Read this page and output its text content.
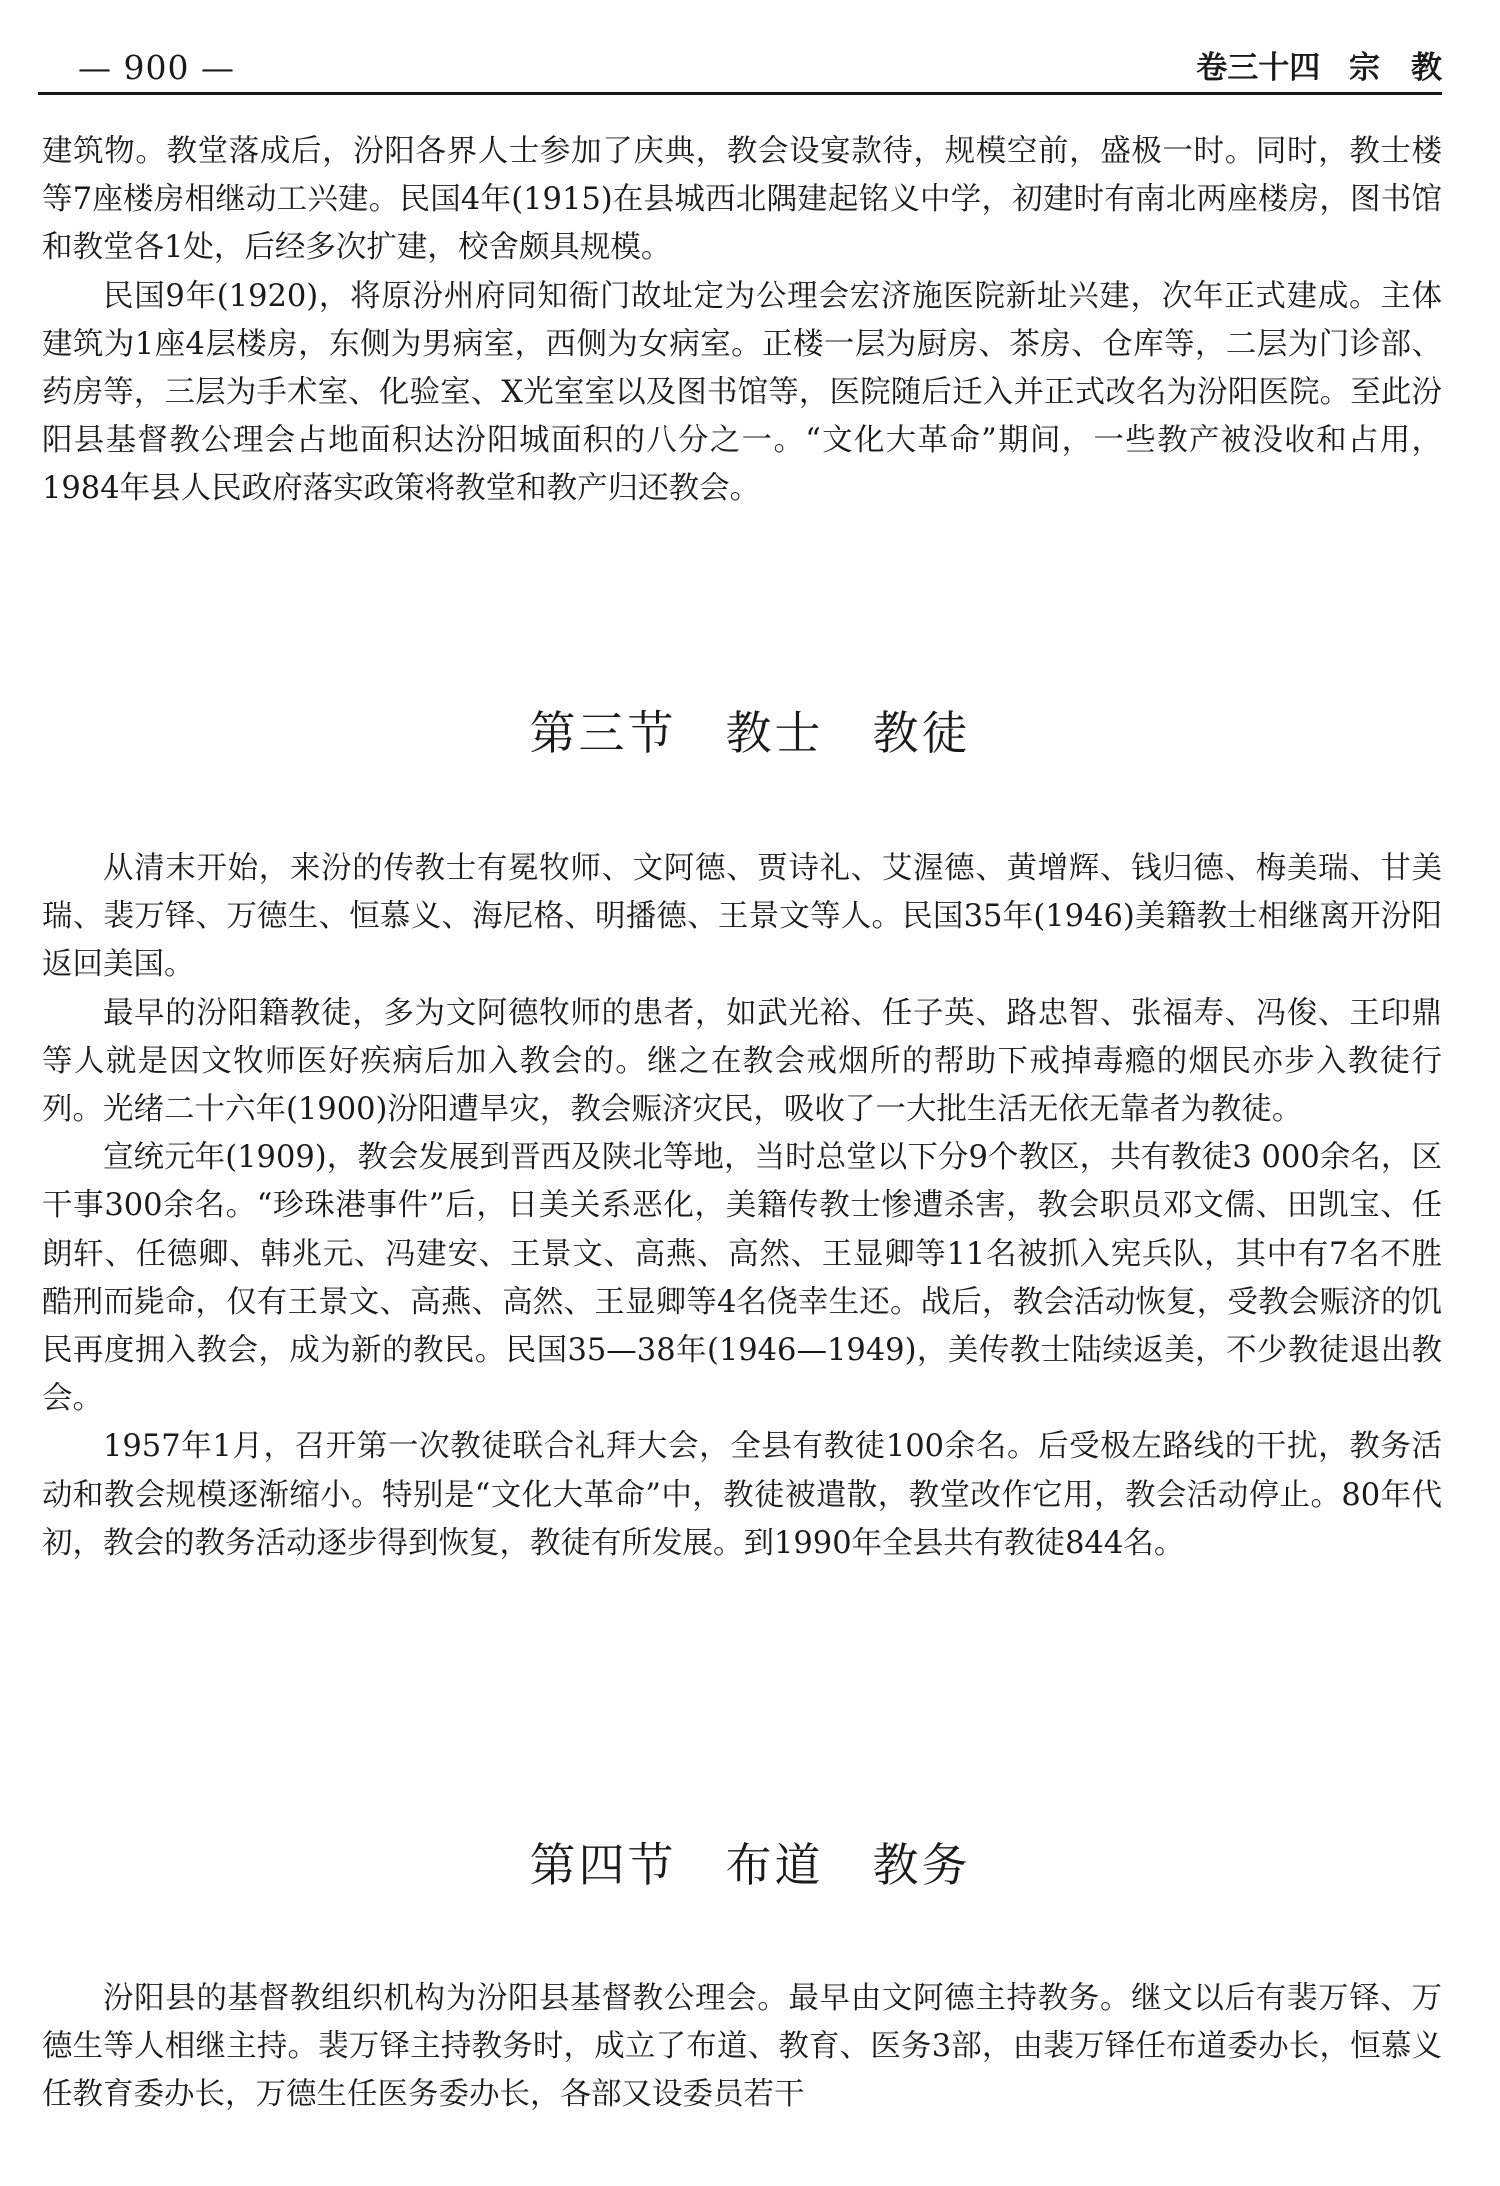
— 900 —	卷三十四 宗　教

建筑物。教堂落成后，汾阳各界人士参加了庆典，教会设宴款待，规模空前，盛极一时。同时，教士楼等7座楼房相继动工兴建。民国4年(1915)在县城西北隅建起铭义中学，初建时有南北两座楼房，图书馆和教堂各1处，后经多次扩建，校舍颇具规模。

民国9年(1920)，将原汾州府同知衙门故址定为公理会宏济施医院新址兴建，次年正式建成。主体建筑为1座4层楼房，东侧为男病室，西侧为女病室。正楼一层为厨房、茶房、仓库等，二层为门诊部、药房等，三层为手术室、化验室、X光室室以及图书馆等，医院随后迁入并正式改名为汾阳医院。至此汾阳县基督教公理会占地面积达汾阳城面积的八分之一。“文化大革命”期间，一些教产被没收和占用，1984年县人民政府落实政策将教堂和教产归还教会。

第三节　教士　教徒

从清末开始，来汾的传教士有冕牧师、文阿德、贾诗礼、艾渥德、黄增辉、钱归德、梅美瑞、甘美瑞、裴万铎、万德生、恒慕义、海尼格、明播德、王景文等人。民国35年(1946)美籍教士相继离开汾阳返回美国。

最早的汾阳籍教徒，多为文阿德牧师的患者，如武光裕、任子英、路忠智、张福寿、冯俊、王印鼎等人就是因文牧师医好疾病后加入教会的。继之在教会戒烟所的帮助下戒掉毒瘾的烟民亦步入教徒行列。光绪二十六年(1900)汾阳遭旱灾，教会赈济灾民，吸收了一大批生活无依无靠者为教徒。

宣统元年(1909)，教会发展到晋西及陕北等地，当时总堂以下分9个教区，共有教徒3 000余名，区干事300余名。“珍珠港事件”后，日美关系恶化，美籍传教士惨遭杀害，教会职员邓文儒、田凯宝、任朗轩、任德卿、韩兆元、冯建安、王景文、高燕、高然、王显卿等11名被抓入宪兵队，其中有7名不胜酷刑而毙命，仅有王景文、高燕、高然、王显卿等4名侥幸生还。战后，教会活动恢复，受教会赈济的饥民再度拥入教会，成为新的教民。民国35—38年(1946—1949)，美传教士陆续返美，不少教徒退出教会。

1957年1月，召开第一次教徒联合礼拜大会，全县有教徒100余名。后受极左路线的干扰，教务活动和教会规模逐渐缩小。特别是“文化大革命”中，教徒被遣散，教堂改作它用，教会活动停止。80年代初，教会的教务活动逐步得到恢复，教徒有所发展。到1990年全县共有教徒844名。

第四节　布道　教务

汾阳县的基督教组织机构为汾阳县基督教公理会。最早由文阿德主持教务。继文以后有裴万铎、万德生等人相继主持。裴万铎主持教务时，成立了布道、教育、医务3部，由裴万铎任布道委办长，恒慕义任教育委办长，万德生任医务委办长，各部又设委员若干
